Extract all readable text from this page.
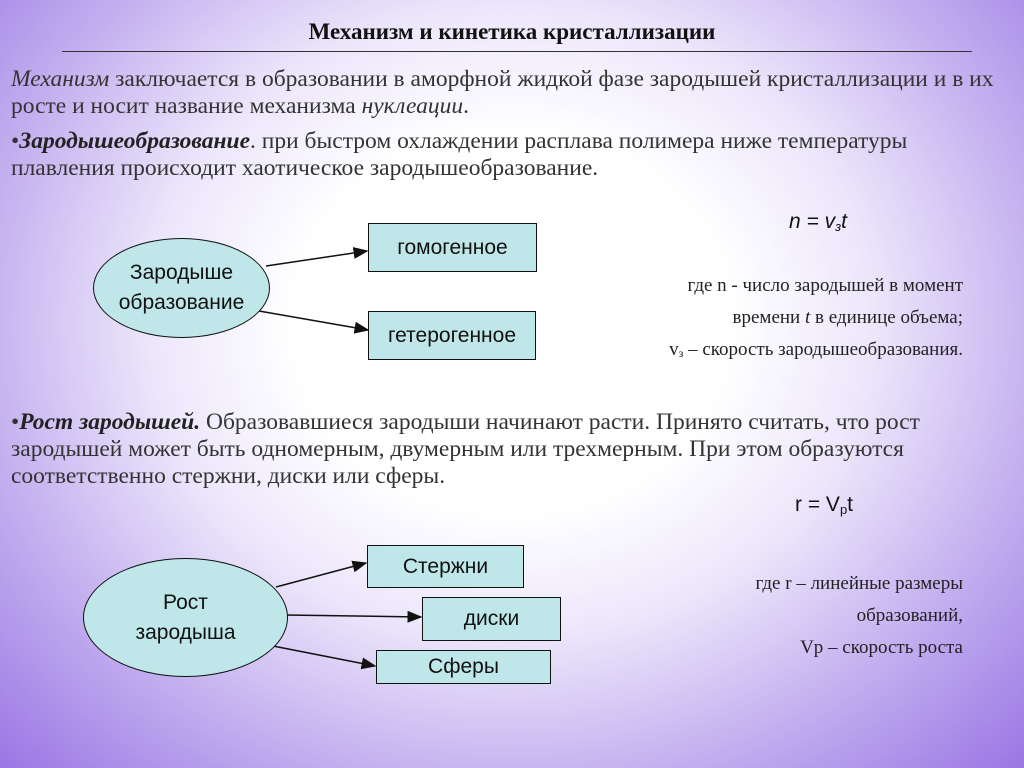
Механизм и кинетика кристаллизации
Механизм заключается в образовании в аморфной жидкой фазе зародышей кристаллизации и в их росте и носит название механизма нуклеации.
•Зародышеобразование. при быстром охлаждении расплава полимера ниже температуры плавления происходит хаотическое зародышеобразование.
$n = v_зt$
где n - число зародышей в момент
времени t в единице объема;
$v_з$ – скорость зародышеобразования.
Зародыше
образование
гомогенное
гетерогенное
•Рост зародышей. Образовавшиеся зародыши начинают расти. Принято считать, что рост зародышей может быть одномерным, двумерным или трехмерным. При этом образуются соответственно стержни, диски или сферы.
$r = V_pt$
где r – линейные размеры
образований,
Vp – скорость роста
Рост
зародыша
Стержни
диски
Сферы
